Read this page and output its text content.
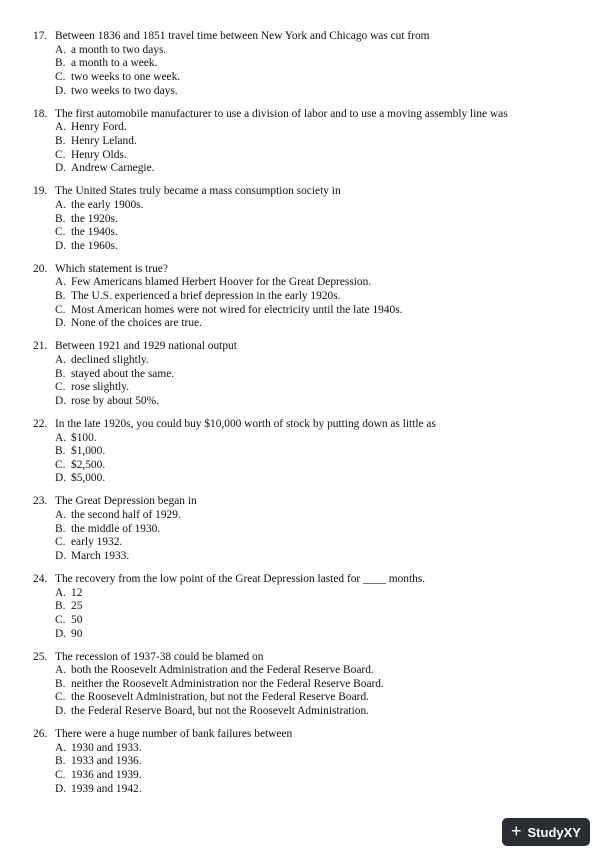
17. Between 1836 and 1851 travel time between New York and Chicago was cut from
A. a month to two days.
B. a month to a week.
C. two weeks to one week.
D. two weeks to two days.
18. The first automobile manufacturer to use a division of labor and to use a moving assembly line was
A. Henry Ford.
B. Henry Leland.
C. Henry Olds.
D. Andrew Carnegie.
19. The United States truly became a mass consumption society in
A. the early 1900s.
B. the 1920s.
C. the 1940s.
D. the 1960s.
20. Which statement is true?
A. Few Americans blamed Herbert Hoover for the Great Depression.
B. The U.S. experienced a brief depression in the early 1920s.
C. Most American homes were not wired for electricity until the late 1940s.
D. None of the choices are true.
21. Between 1921 and 1929 national output
A. declined slightly.
B. stayed about the same.
C. rose slightly.
D. rose by about 50%.
22. In the late 1920s, you could buy $10,000 worth of stock by putting down as little as
A. $100.
B. $1,000.
C. $2,500.
D. $5,000.
23. The Great Depression began in
A. the second half of 1929.
B. the middle of 1930.
C. early 1932.
D. March 1933.
24. The recovery from the low point of the Great Depression lasted for ____ months.
A. 12
B. 25
C. 50
D. 90
25. The recession of 1937-38 could be blamed on
A. both the Roosevelt Administration and the Federal Reserve Board.
B. neither the Roosevelt Administration nor the Federal Reserve Board.
C. the Roosevelt Administration, but not the Federal Reserve Board.
D. the Federal Reserve Board, but not the Roosevelt Administration.
26. There were a huge number of bank failures between
A. 1930 and 1933.
B. 1933 and 1936.
C. 1936 and 1939.
D. 1939 and 1942.
+ StudyXY
